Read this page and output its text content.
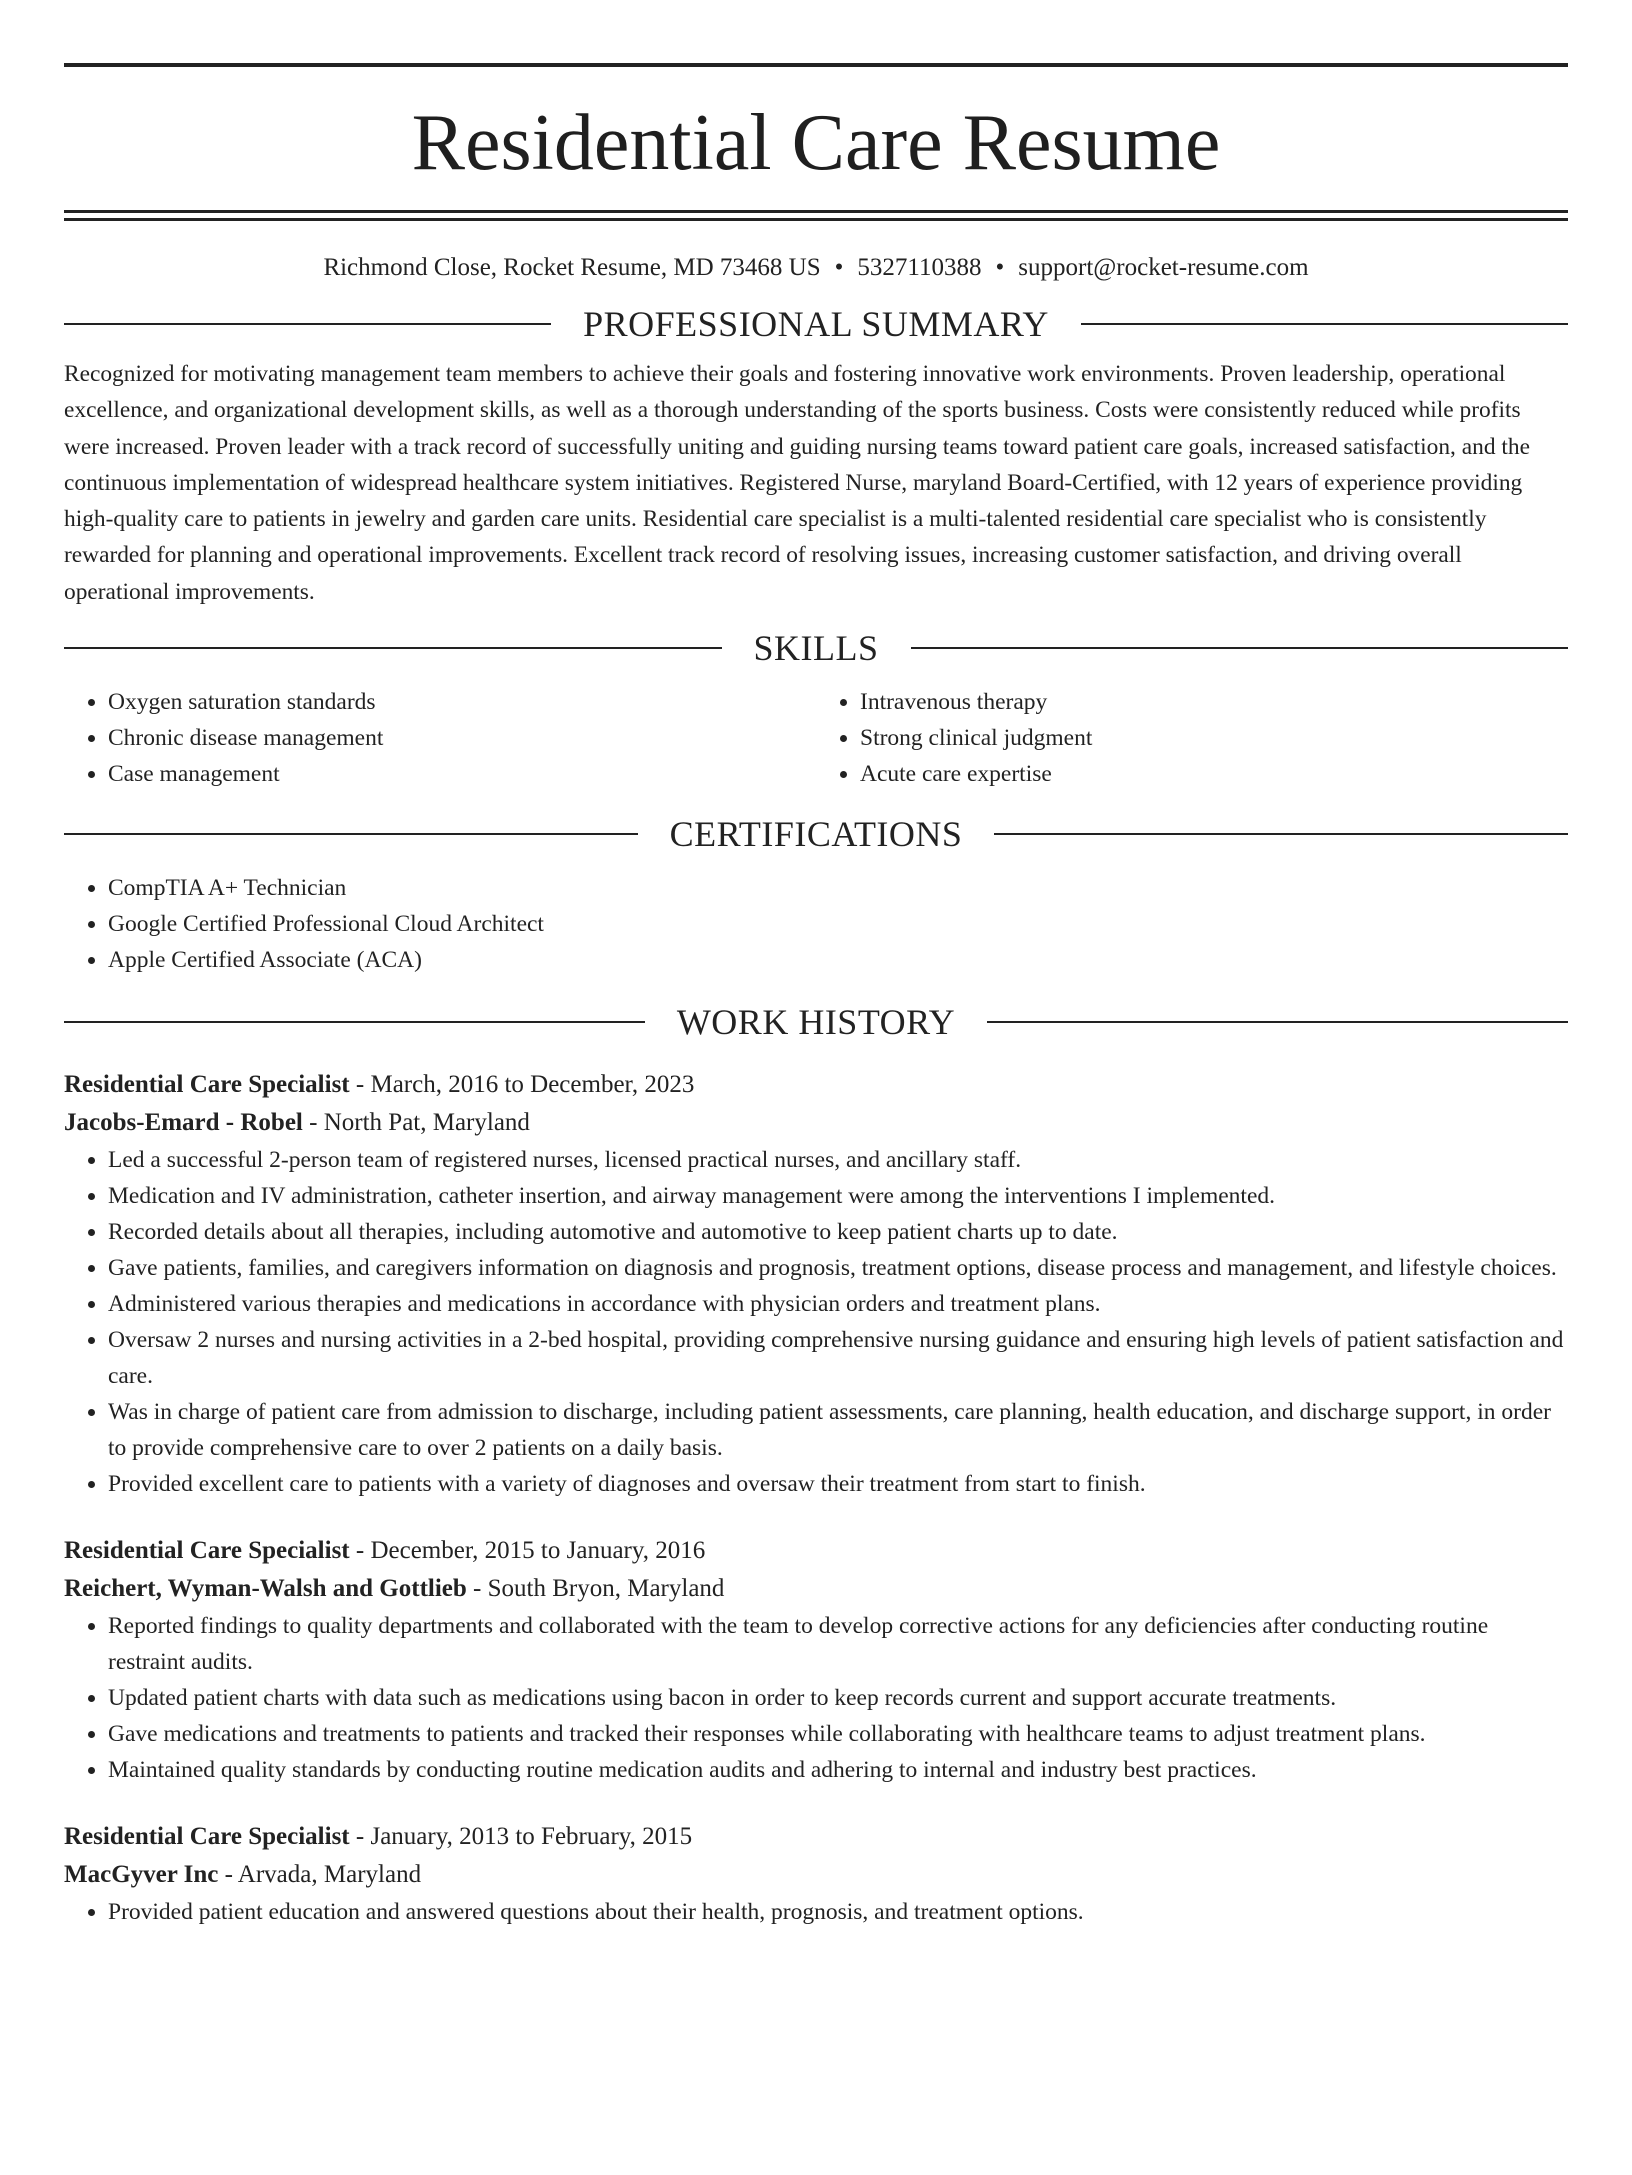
Residential Care Resume
Richmond Close, Rocket Resume, MD 73468 US • 5327110388 • support@rocket-resume.com
PROFESSIONAL SUMMARY

Recognized for motivating management team members to achieve their goals and fostering innovative work environments. Proven leadership, operational excellence, and organizational development skills, as well as a thorough understanding of the sports business. Costs were consistently reduced while profits were increased. Proven leader with a track record of successfully uniting and guiding nursing teams toward patient care goals, increased satisfaction, and the continuous implementation of widespread healthcare system initiatives. Registered Nurse, maryland Board-Certified, with 12 years of experience providing high-quality care to patients in jewelry and garden care units. Residential care specialist is a multi-talented residential care specialist who is consistently rewarded for planning and operational improvements. Excellent track record of resolving issues, increasing customer satisfaction, and driving overall operational improvements.

SKILLS
• Oxygen saturation standards
• Chronic disease management
• Case management
• Intravenous therapy
• Strong clinical judgment
• Acute care expertise
CERTIFICATIONS
• CompTIA A+ Technician
• Google Certified Professional Cloud Architect
• Apple Certified Associate (ACA)
WORK HISTORY
Residential Care Specialist - March, 2016 to December, 2023
Jacobs-Emard - Robel - North Pat, Maryland
• Led a successful 2-person team of registered nurses, licensed practical nurses, and ancillary staff.
• Medication and IV administration, catheter insertion, and airway management were among the interventions I implemented.
• Recorded details about all therapies, including automotive and automotive to keep patient charts up to date.
• Gave patients, families, and caregivers information on diagnosis and prognosis, treatment options, disease process and management, and lifestyle choices.
• Administered various therapies and medications in accordance with physician orders and treatment plans.
• Oversaw 2 nurses and nursing activities in a 2-bed hospital, providing comprehensive nursing guidance and ensuring high levels of patient satisfaction and care.
• Was in charge of patient care from admission to discharge, including patient assessments, care planning, health education, and discharge support, in order to provide comprehensive care to over 2 patients on a daily basis.
• Provided excellent care to patients with a variety of diagnoses and oversaw their treatment from start to finish.
Residential Care Specialist - December, 2015 to January, 2016
Reichert, Wyman-Walsh and Gottlieb - South Bryon, Maryland
• Reported findings to quality departments and collaborated with the team to develop corrective actions for any deficiencies after conducting routine restraint audits.
• Updated patient charts with data such as medications using bacon in order to keep records current and support accurate treatments.
• Gave medications and treatments to patients and tracked their responses while collaborating with healthcare teams to adjust treatment plans.
• Maintained quality standards by conducting routine medication audits and adhering to internal and industry best practices.
Residential Care Specialist - January, 2013 to February, 2015
MacGyver Inc - Arvada, Maryland
• Provided patient education and answered questions about their health, prognosis, and treatment options.
